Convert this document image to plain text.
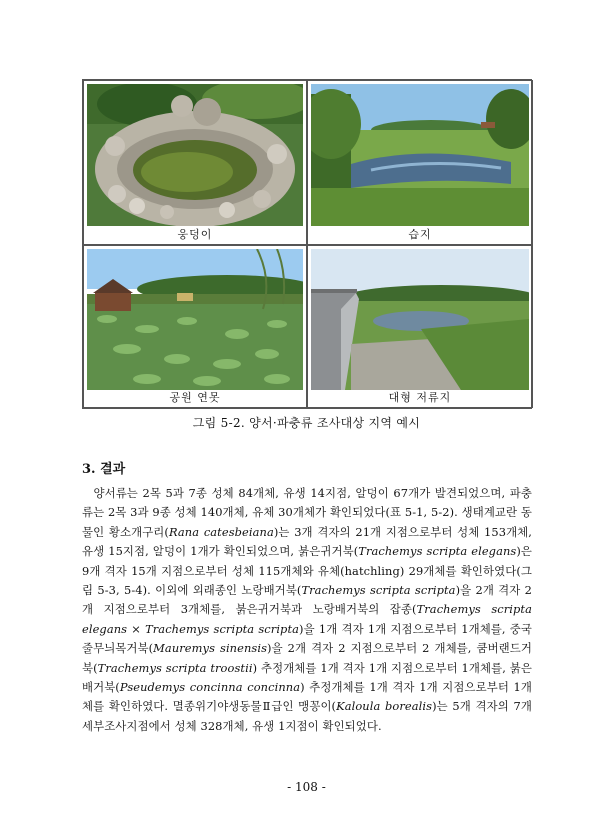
웅덩이	습지
공원 연못	대형 저류지
그림 5-2. 양서·파충류 조사대상 지역 예시
3. 결과
 양서류는 2목 5과 7종 성체 84개체, 유생 14지점, 알덩이 67개가 발견되었으며, 파충류는 2목 3과 9종 성체 140개체, 유체 30개체가 확인되었다(표 5-1, 5-2). 생태계교란 동물인 황소개구리(Rana catesbeiana)는 3개 격자의 21개 지점으로부터 성체 153개체, 유생 15지점, 알덩이 1개가 확인되었으며, 붉은귀거북(Trachemys scripta elegans)은 9개 격자 15개 지점으로부터 성체 115개체와 유체(hatchling) 29개체를 확인하였다(그림 5-3, 5-4). 이외에 외래종인 노랑배거북(Trachemys scripta scripta)을 2개 격자 2개 지점으로부터 3개체를, 붉은귀거북과 노랑배거북의 잡종(Trachemys scripta elegans × Trachemys scripta scripta)을 1개 격자 1개 지점으로부터 1개체를, 중국줄무늬목거북(Mauremys sinensis)을 2개 격자 2 지점으로부터 2 개체를, 쿰버랜드거북(Trachemys scripta troostii) 추정개체를 1개 격자 1개 지점으로부터 1개체를, 붉은배거북(Pseudemys concinna concinna) 추정개체를 1개 격자 1개 지점으로부터 1개체를 확인하였다. 멸종위기야생동물Ⅱ급인 맹꽁이(Kaloula borealis)는 5개 격자의 7개 세부조사지점에서 성체 328개체, 유생 1지점이 확인되었다.
- 108 -
